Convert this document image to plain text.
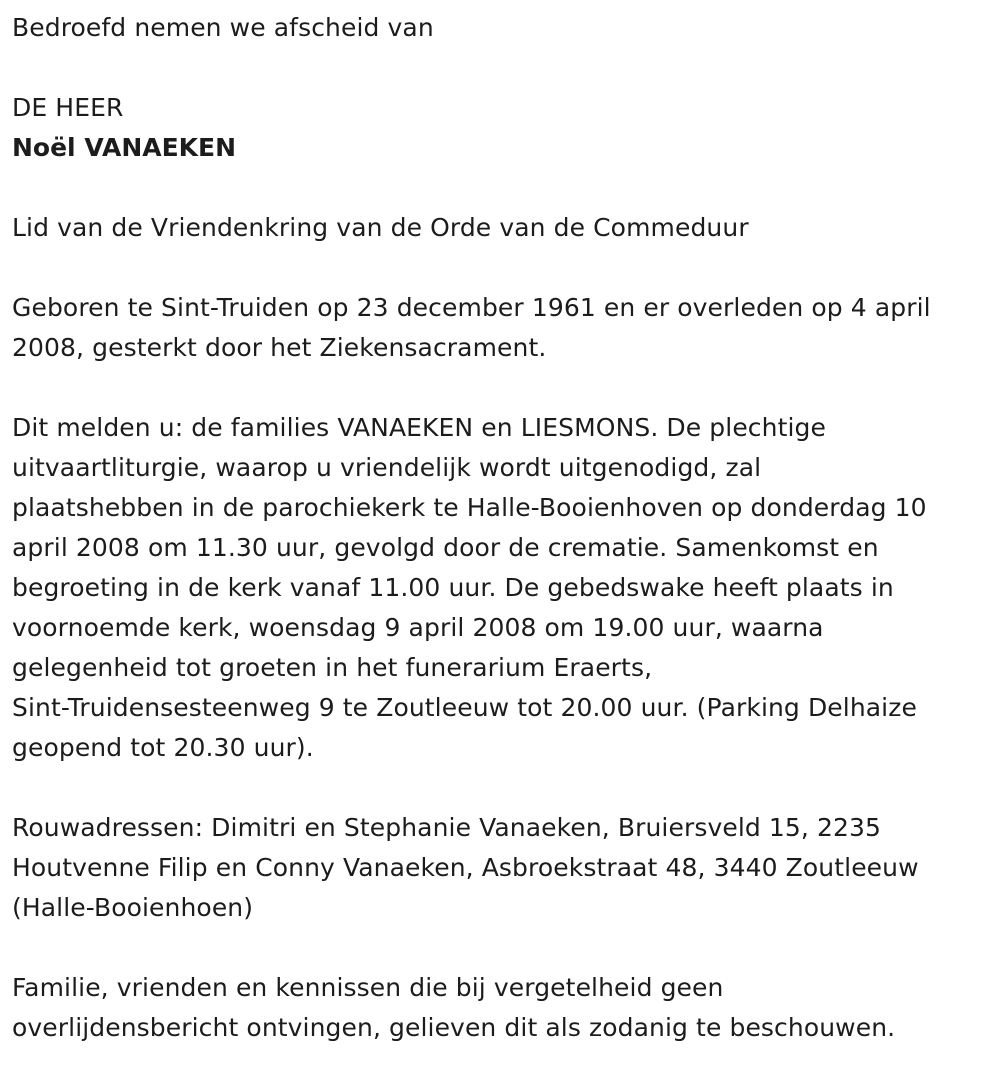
Bedroefd nemen we afscheid van
DE HEER
Noël VANAEKEN
Lid van de Vriendenkring van de Orde van de Commeduur
Geboren te Sint-Truiden op 23 december 1961 en er overleden op 4 april
2008, gesterkt door het Ziekensacrament.
Dit melden u: de families VANAEKEN en LIESMONS. De plechtige
uitvaartliturgie, waarop u vriendelijk wordt uitgenodigd, zal
plaatshebben in de parochiekerk te Halle-Booienhoven op donderdag 10
april 2008 om 11.30 uur, gevolgd door de crematie. Samenkomst en
begroeting in de kerk vanaf 11.00 uur. De gebedswake heeft plaats in
voornoemde kerk, woensdag 9 april 2008 om 19.00 uur, waarna
gelegenheid tot groeten in het funerarium Eraerts,
Sint-Truidensesteenweg 9 te Zoutleeuw tot 20.00 uur. (Parking Delhaize
geopend tot 20.30 uur).
Rouwadressen: Dimitri en Stephanie Vanaeken, Bruiersveld 15, 2235
Houtvenne Filip en Conny Vanaeken, Asbroekstraat 48, 3440 Zoutleeuw
(Halle-Booienhoen)
Familie, vrienden en kennissen die bij vergetelheid geen
overlijdensbericht ontvingen, gelieven dit als zodanig te beschouwen.
